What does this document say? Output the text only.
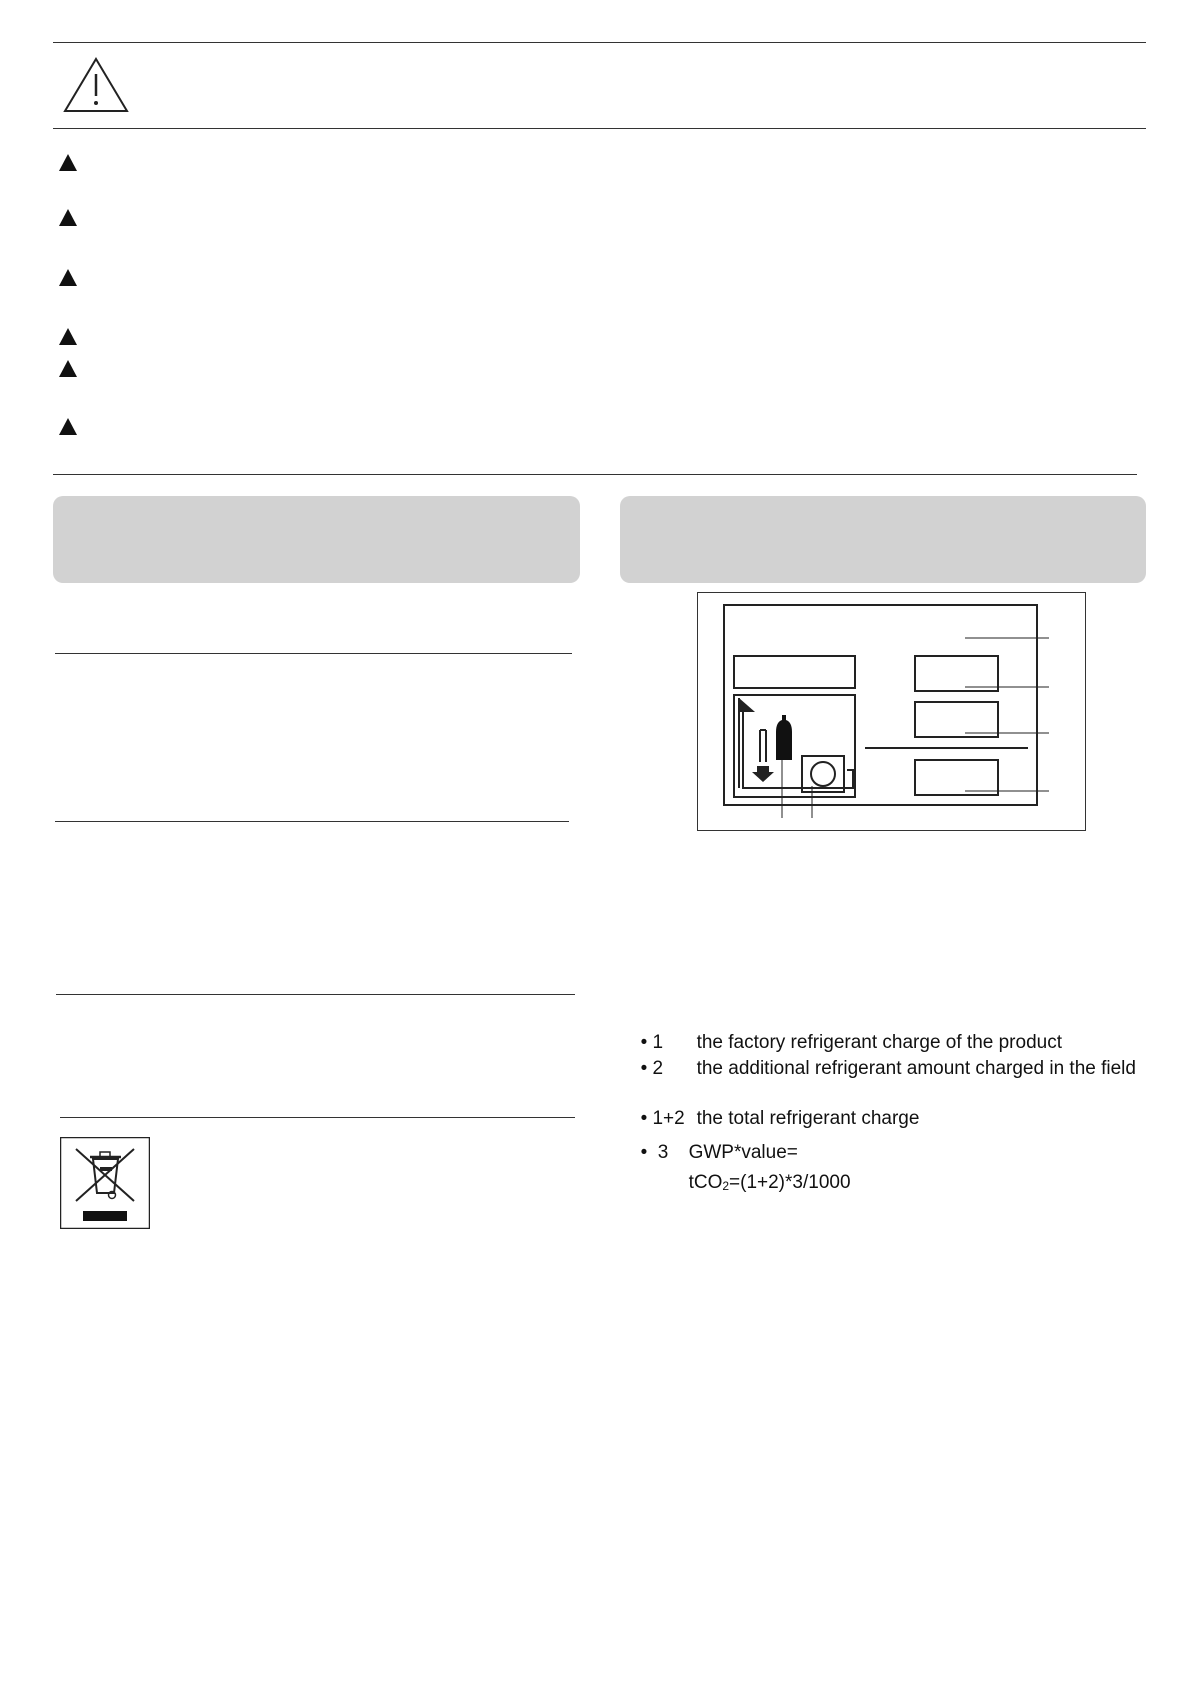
• 1 the factory refrigerant charge of the product

• 2 the additional refrigerant amount charged in the field

• 1+2 the total refrigerant charge

•  3 GWP*value=

tCO2=(1+2)*3/1000
